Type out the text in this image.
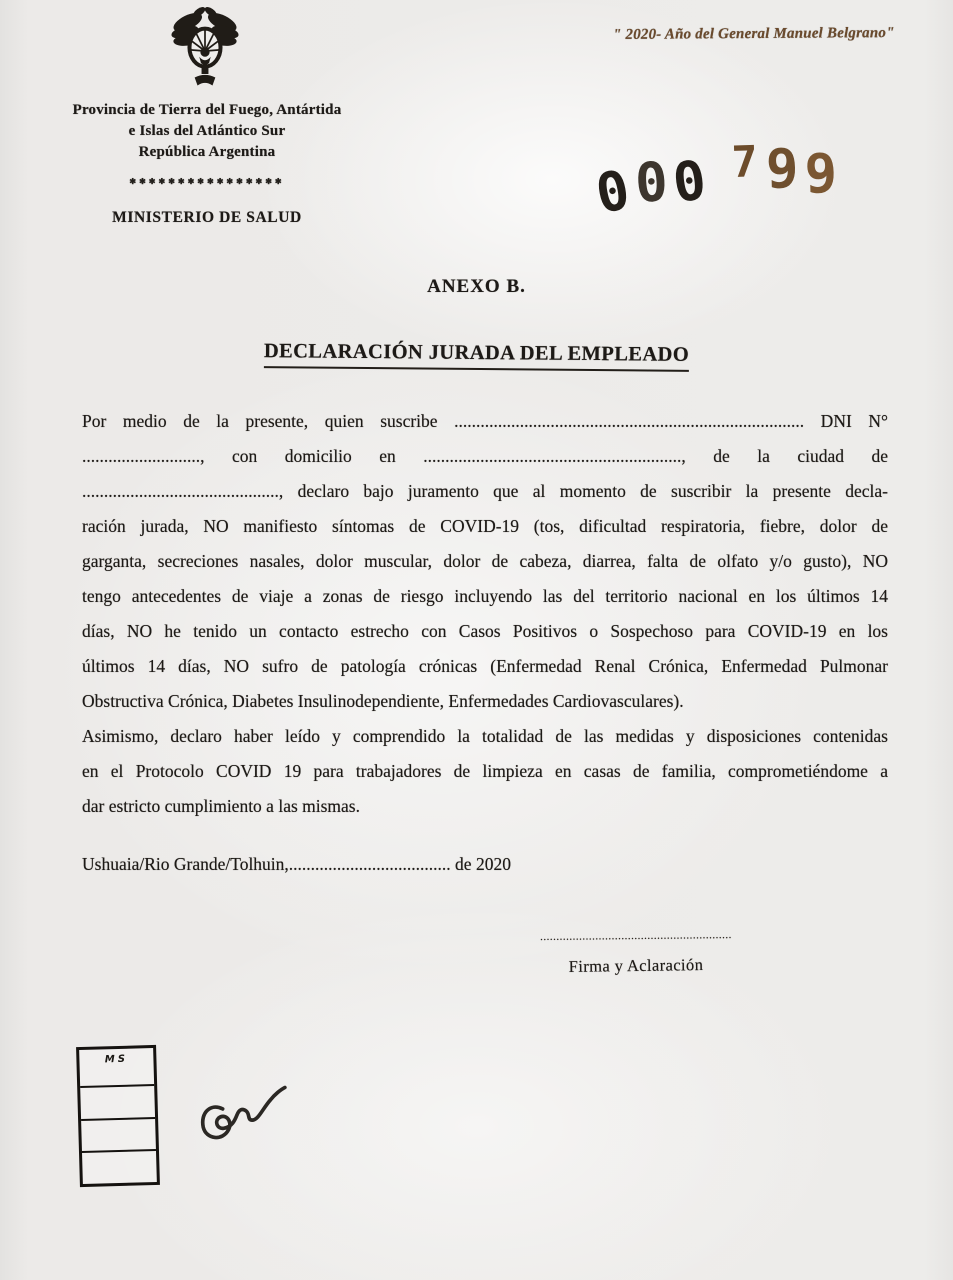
Provincia de Tierra del Fuego, Antártida
e Islas del Atlántico Sur
República Argentina
✱✱✱✱✱✱✱✱✱✱✱✱✱✱✱✱
MINISTERIO DE SALUD
" 2020- Año del General Manuel Belgrano"
0
0
0 7 9
9
ANEXO B.
DECLARACIÓN JURADA DEL EMPLEADO
Por medio de la presente, quien suscribe ................................................................................ DNI N°
..........................., con domicilio en ..........................................................., de la ciudad de
............................................., declaro bajo juramento que al momento de suscribir la presente decla-
ración jurada, NO manifiesto síntomas de COVID-19 (tos, dificultad respiratoria, fiebre, dolor de
garganta, secreciones nasales, dolor muscular, dolor de cabeza, diarrea, falta de olfato y/o gusto), NO
tengo antecedentes de viaje a zonas de riesgo incluyendo las del territorio nacional en los últimos 14
días, NO he tenido un contacto estrecho con Casos Positivos o Sospechoso para COVID-19 en los
últimos 14 días, NO sufro de patología crónicas (Enfermedad Renal Crónica, Enfermedad Pulmonar
Obstructiva Crónica, Diabetes Insulinodependiente, Enfermedades Cardiovasculares).
Asimismo, declaro haber leído y comprendido la totalidad de las medidas y disposiciones contenidas
en el Protocolo COVID 19 para trabajadores de limpieza en casas de familia, comprometiéndome a
dar estricto cumplimiento a las mismas.
Ushuaia/Rio Grande/Tolhuin,..................................... de 2020
...........................................................
Firma y Aclaración
MS
